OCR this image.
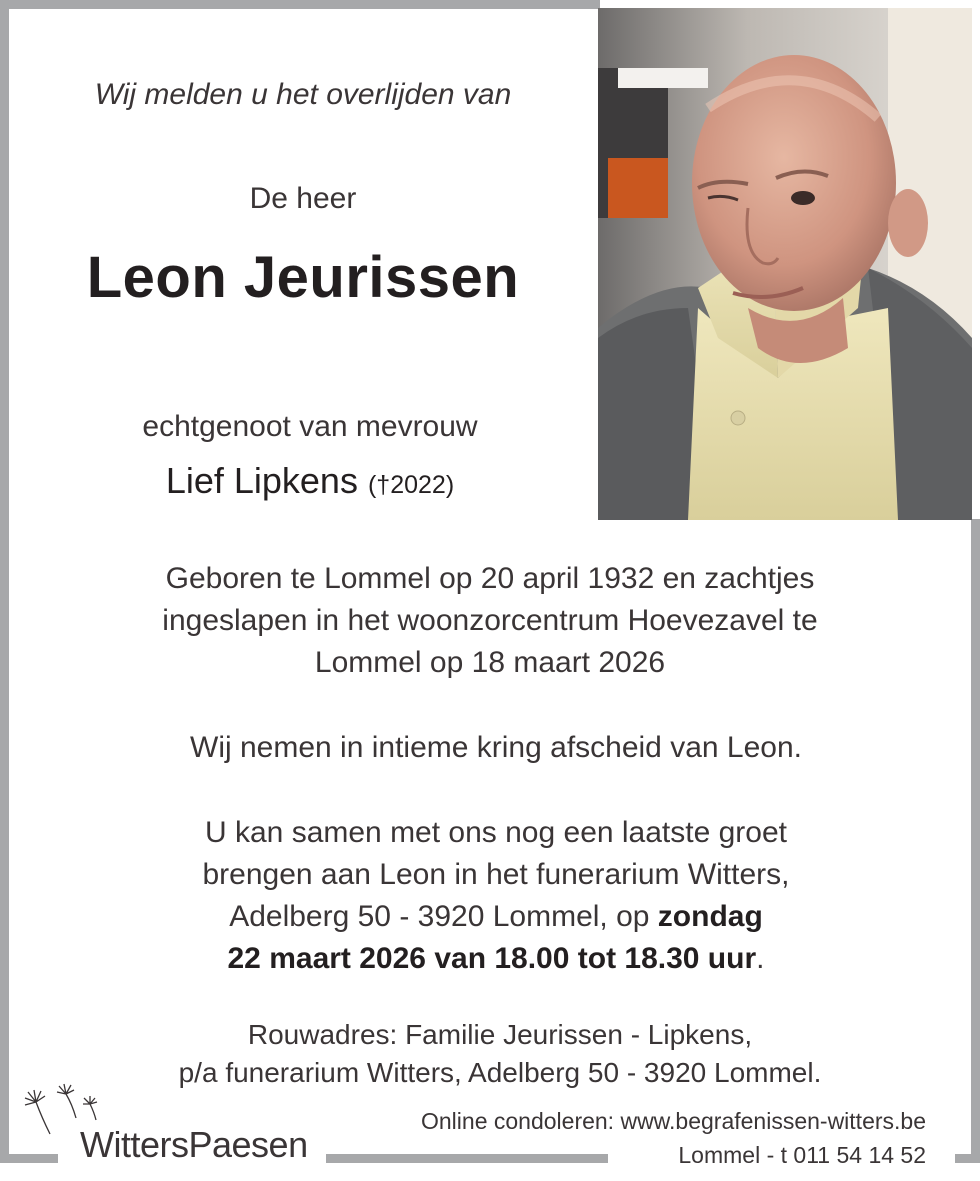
Wij melden u het overlijden van
De heer
Leon Jeurissen
echtgenoot van mevrouw
Lief Lipkens (†2022)
Geboren te Lommel op 20 april 1932 en zachtjes
ingeslapen in het woonzorcentrum Hoevezavel te
Lommel op 18 maart 2026
Wij nemen in intieme kring afscheid van Leon.
U kan samen met ons nog een laatste groet
brengen aan Leon in het funerarium Witters,
Adelberg 50 - 3920 Lommel, op zondag
22 maart 2026 van 18.00 tot 18.30 uur.
Rouwadres: Familie Jeurissen - Lipkens,
p/a funerarium Witters, Adelberg 50 - 3920 Lommel.
WittersPaesen
Online condoleren: www.begrafenissen-witters.be
Lommel - t 011 54 14 52
